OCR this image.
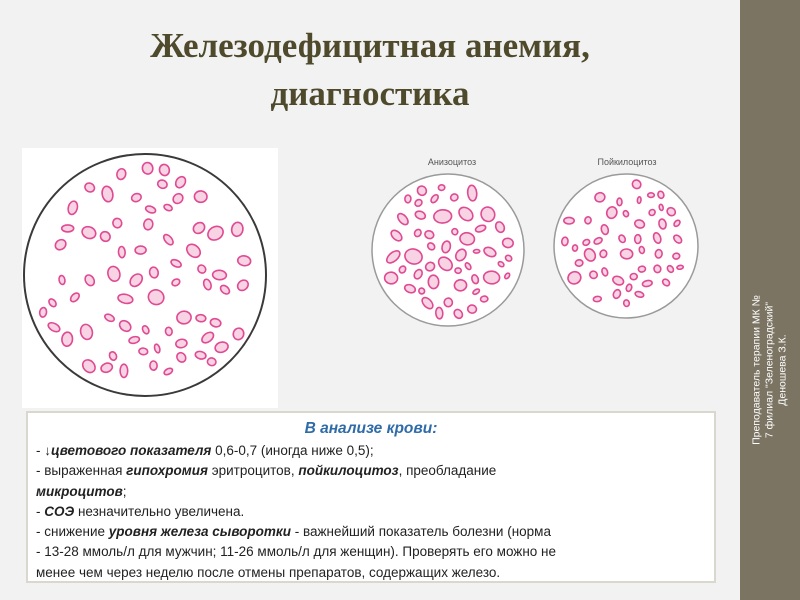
Преподаватель терапии МК № 7 филиал "Зеленоградский" Деношева З.К.
Железодефицитная анемия,
диагностика
Анизоцитоз	Пойкилоцитоз
В анализе крови:
- ↓цветового показателя 0,6-0,7 (иногда ниже 0,5);
- выраженная гипохромия эритроцитов, пойкилоцитоз, преобладание
микроцитов;
- СОЭ незначительно увеличена.
- снижение уровня железа сыворотки - важнейший показатель болезни (норма
- 13-28 ммоль/л для мужчин; 11-26 ммоль/л для женщин). Проверять его можно не
менее чем через неделю после отмены препаратов, содержащих железо.
